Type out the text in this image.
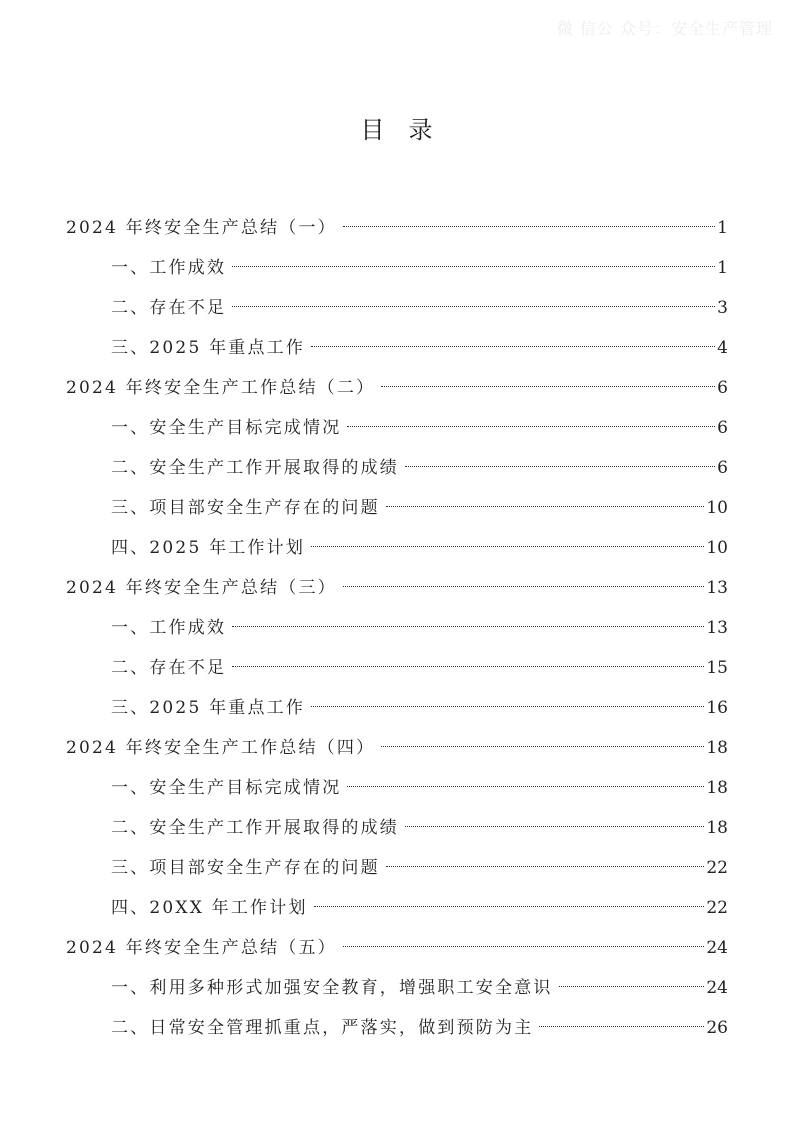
微 信公 众号：安全生产管理
目　录
2024 年终安全生产总结（一）	1
一、工作成效	1
二、存在不足	3
三、2025 年重点工作	4
2024 年终安全生产工作总结（二）	6
一、安全生产目标完成情况	6
二、安全生产工作开展取得的成绩	6
三、项目部安全生产存在的问题	10
四、2025 年工作计划	10
2024 年终安全生产总结（三）	13
一、工作成效	13
二、存在不足	15
三、2025 年重点工作	16
2024 年终安全生产工作总结（四）	18
一、安全生产目标完成情况	18
二、安全生产工作开展取得的成绩	18
三、项目部安全生产存在的问题	22
四、20XX 年工作计划	22
2024 年终安全生产总结（五）	24
一、利用多种形式加强安全教育，增强职工安全意识	24
二、日常安全管理抓重点，严落实，做到预防为主	26
